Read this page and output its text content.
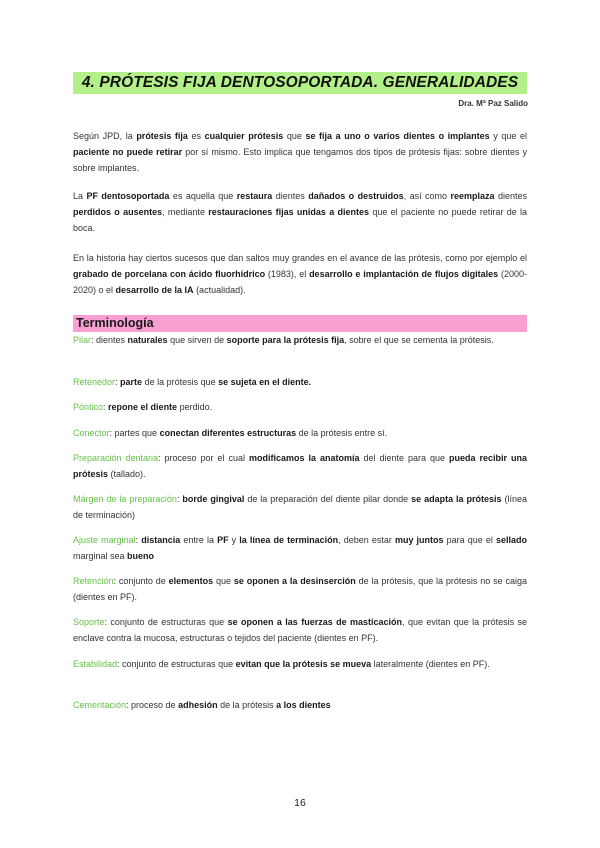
4. PRÓTESIS FIJA DENTOSOPORTADA. GENERALIDADES
Dra. Mª Paz Salido

Según JPD, la prótesis fija es cualquier prótesis que se fija a uno o varios dientes o implantes y que el paciente no puede retirar por sí mismo. Esto implica que tengamos dos tipos de prótesis fijas: sobre dientes y sobre implantes.

La PF dentosoportada es aquella que restaura dientes dañados o destruidos, así como reemplaza dientes perdidos o ausentes, mediante restauraciones fijas unidas a dientes que el paciente no puede retirar de la boca.

En la historia hay ciertos sucesos que dan saltos muy grandes en el avance de las prótesis, como por ejemplo el grabado de porcelana con ácido fluorhídrico (1983), el desarrollo e implantación de flujos digitales (2000-2020) o el desarrollo de la IA (actualidad).

Terminología

Pilar: dientes naturales que sirven de soporte para la prótesis fija, sobre el que se cementa la prótesis.

Retenedor: parte de la prótesis que se sujeta en el diente.

Póntico: repone el diente perdido.

Conector: partes que conectan diferentes estructuras de la prótesis entre sí.

Preparación dentaria: proceso por el cual modificamos la anatomía del diente para que pueda recibir una prótesis (tallado).

Márgen de la preparación: borde gingival de la preparación del diente pilar donde se adapta la prótesis (línea de terminación)

Ajuste marginal: distancia entre la PF y la línea de terminación, deben estar muy juntos para que el sellado marginal sea bueno

Retención: conjunto de elementos que se oponen a la desinserción de la prótesis, que la prótesis no se caiga (dientes en PF).

Soporte: conjunto de estructuras que se oponen a las fuerzas de masticación, que evitan que la prótesis se enclave contra la mucosa, estructuras o tejidos del paciente (dientes en PF).

Estabilidad: conjunto de estructuras que evitan que la prótesis se mueva lateralmente (dientes en PF).

Cementación: proceso de adhesión de la prótesis a los dientes

16
